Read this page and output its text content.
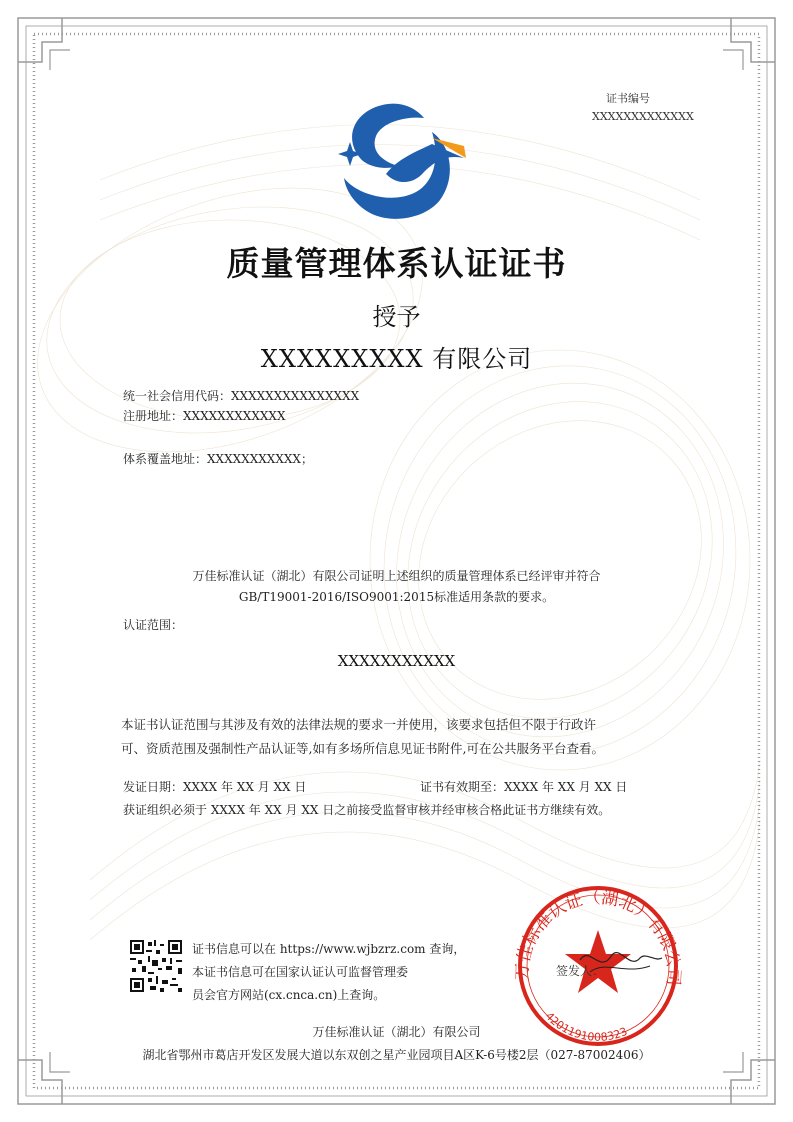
万佳标准认证（湖北）有限公司
4201191008323
证书编号
XXXXXXXXXXXXX
质量管理体系认证证书
授予
XXXXXXXXX 有限公司
统一社会信用代码：XXXXXXXXXXXXXXX
注册地址：XXXXXXXXXXXX
体系覆盖地址：XXXXXXXXXXX；
万佳标准认证（湖北）有限公司证明上述组织的质量管理体系已经评审并符合
GB/T19001-2016/ISO9001:2015标准适用条款的要求。
认证范围：
XXXXXXXXXXX
本证书认证范围与其涉及有效的法律法规的要求一并使用，该要求包括但不限于行政许
可、资质范围及强制性产品认证等,如有多场所信息见证书附件,可在公共服务平台查看。
发证日期：XXXX 年 XX 月 XX 日	证书有效期至：XXXX 年 XX 月 XX 日
获证组织必须于 XXXX 年 XX 月 XX 日之前接受监督审核并经审核合格此证书方继续有效。
证书信息可以在 https://www.wjbzrz.com 查询，
本证书信息可在国家认证认可监督管理委
员会官方网站(cx.cnca.cn)上查询。
签发人：
万佳标准认证（湖北）有限公司
湖北省鄂州市葛店开发区发展大道以东双创之星产业园项目A区K-6号楼2层（027-87002406）
